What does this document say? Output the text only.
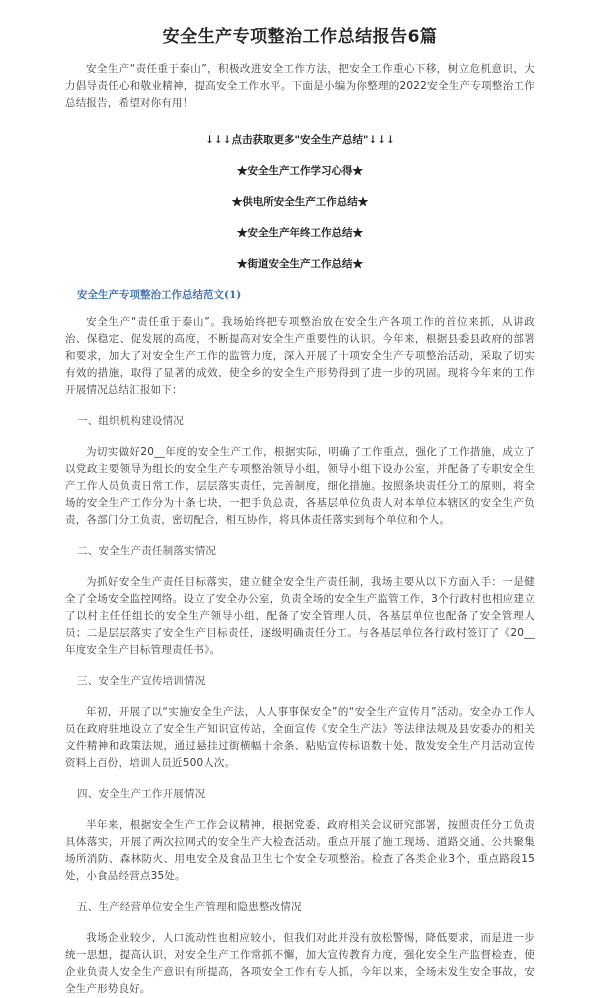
安全生产专项整治工作总结报告6篇

安全生产“责任重于泰山”，积极改进安全工作方法，把安全工作重心下移，树立危机意识，大力倡导责任心和敬业精神，提高安全工作水平。下面是小编为你整理的2022安全生产专项整治工作总结报告，希望对你有用！

↓↓↓点击获取更多"安全生产总结"↓↓↓
★安全生产工作学习心得★
★供电所安全生产工作总结★
★安全生产年终工作总结★
★街道安全生产工作总结★
安全生产专项整治工作总结范文(1)

安全生产“责任重于泰山”。我场始终把专项整治放在安全生产各项工作的首位来抓，从讲政治、保稳定、促发展的高度，不断提高对安全生产重要性的认识。今年来，根据县委县政府的部署和要求，加大了对安全生产工作的监管力度，深入开展了十项安全生产专项整治活动，采取了切实有效的措施，取得了显著的成效，使全乡的安全生产形势得到了进一步的巩固。现将今年来的工作开展情况总结汇报如下：

一、组织机构建设情况

为切实做好20__年度的安全生产工作，根据实际，明确了工作重点，强化了工作措施，成立了以党政主要领导为组长的安全生产专项整治领导小组，领导小组下设办公室，并配备了专职安全生产工作人员负责日常工作，层层落实责任，完善制度，细化措施。按照条块责任分工的原则，将全场的安全生产工作分为十条七块，一把手负总责，各基层单位负责人对本单位本辖区的安全生产负责，各部门分工负责，密切配合，相互协作，将具体责任落实到每个单位和个人。

二、安全生产责任制落实情况

为抓好安全生产责任目标落实，建立健全安全生产责任制，我场主要从以下方面入手：一是健全了全场安全监控网络。设立了安全办公室，负责全场的安全生产监管工作，3个行政村也相应建立了以村主任任组长的安全生产领导小组，配备了安全管理人员，各基层单位也配备了安全管理人员；二是层层落实了安全生产目标责任，逐级明确责任分工。与各基层单位各行政村签订了《20__年度安全生产目标管理责任书》。

三、安全生产宣传培训情况

年初，开展了以“实施安全生产法，人人事事保安全”的“安全生产宣传月”活动。安全办工作人员在政府驻地设立了安全生产知识宣传站，全面宣传《安全生产法》等法律法规及县安委办的相关文件精神和政策法规，通过悬挂过街横幅十余条、粘贴宣传标语数十处、散发安全生产月活动宣传资料上百份，培训人员近500人次。

四、安全生产工作开展情况

半年来，根据安全生产工作会议精神，根据党委、政府相关会议研究部署，按照责任分工负责具体落实，开展了两次拉网式的安全生产大检查活动。重点开展了施工现场、道路交通、公共聚集场所消防、森林防火、用电安全及食品卫生七个安全专项整治。检查了各类企业3个，重点路段15处，小食品经营点35处。

五、生产经营单位安全生产管理和隐患整改情况

我场企业较少，人口流动性也相应较小，但我们对此并没有放松警惕，降低要求，而是进一步统一思想，提高认识，对安全生产工作常抓不懈，加大宣传教育力度，强化安全生产监督检查，使企业负责人安全生产意识有所提高，各项安全工作有专人抓，今年以来，全场未发生安全事故，安全生产形势良好。
